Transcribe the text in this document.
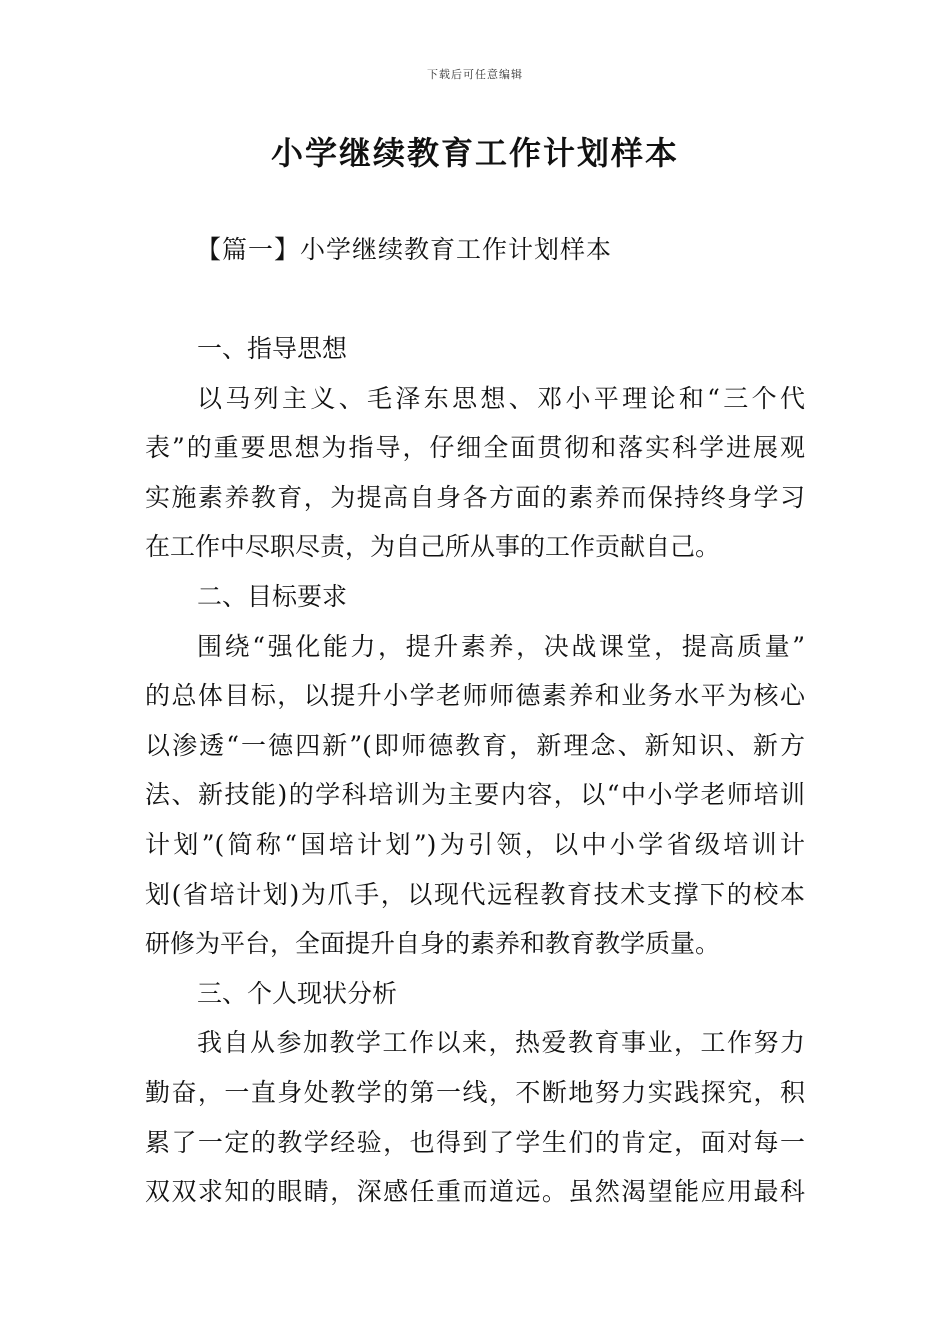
下载后可任意编辑
小学继续教育工作计划样本
【篇一】小学继续教育工作计划样本
一、指导思想
以马列主义、毛泽东思想、邓小平理论和“三个代
表”的重要思想为指导，仔细全面贯彻和落实科学进展观
实施素养教育，为提高自身各方面的素养而保持终身学习
在工作中尽职尽责，为自己所从事的工作贡献自己。
二、目标要求
围绕“强化能力，提升素养，决战课堂，提高质量”
的总体目标，以提升小学老师师德素养和业务水平为核心
以渗透“一德四新”(即师德教育，新理念、新知识、新方
法、新技能)的学科培训为主要内容，以“中小学老师培训
计划”(简称“国培计划”)为引领，以中小学省级培训计
划(省培计划)为爪手，以现代远程教育技术支撑下的校本
研修为平台，全面提升自身的素养和教育教学质量。
三、个人现状分析
我自从参加教学工作以来，热爱教育事业，工作努力
勤奋，一直身处教学的第一线，不断地努力实践探究，积
累了一定的教学经验，也得到了学生们的肯定，面对每一
双双求知的眼睛，深感任重而道远。虽然渴望能应用最科
